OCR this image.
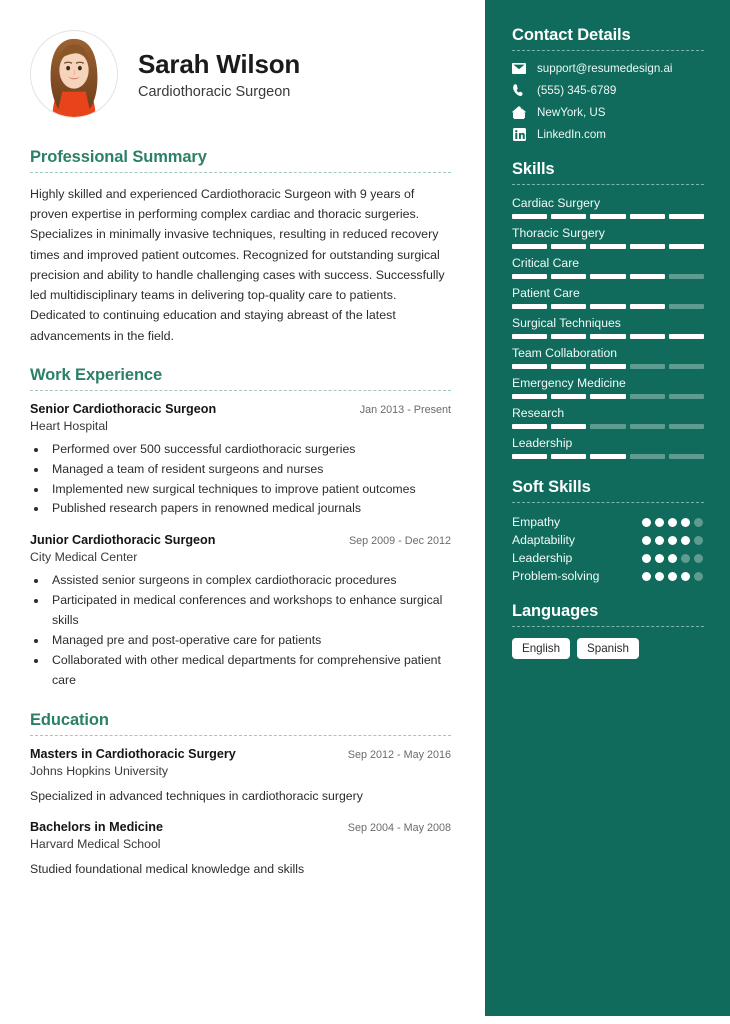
Sarah Wilson
Cardiothoracic Surgeon
Professional Summary
Highly skilled and experienced Cardiothoracic Surgeon with 9 years of proven expertise in performing complex cardiac and thoracic surgeries. Specializes in minimally invasive techniques, resulting in reduced recovery times and improved patient outcomes. Recognized for outstanding surgical precision and ability to handle challenging cases with success. Successfully led multidisciplinary teams in delivering top-quality care to patients. Dedicated to continuing education and staying abreast of the latest advancements in the field.
Work Experience
Senior Cardiothoracic Surgeon	Jan 2013 - Present
Heart Hospital
• Performed over 500 successful cardiothoracic surgeries
• Managed a team of resident surgeons and nurses
• Implemented new surgical techniques to improve patient outcomes
• Published research papers in renowned medical journals
Junior Cardiothoracic Surgeon	Sep 2009 - Dec 2012
City Medical Center
• Assisted senior surgeons in complex cardiothoracic procedures
• Participated in medical conferences and workshops to enhance surgical skills
• Managed pre and post-operative care for patients
• Collaborated with other medical departments for comprehensive patient care
Education
Masters in Cardiothoracic Surgery	Sep 2012 - May 2016
Johns Hopkins University
Specialized in advanced techniques in cardiothoracic surgery
Bachelors in Medicine	Sep 2004 - May 2008
Harvard Medical School
Studied foundational medical knowledge and skills
Contact Details
support@resumedesign.ai
(555) 345-6789
NewYork, US
LinkedIn.com
Skills
Cardiac Surgery
Thoracic Surgery
Critical Care
Patient Care
Surgical Techniques
Team Collaboration
Emergency Medicine
Research
Leadership
Soft Skills
Empathy
Adaptability
Leadership
Problem-solving
Languages
English	Spanish
